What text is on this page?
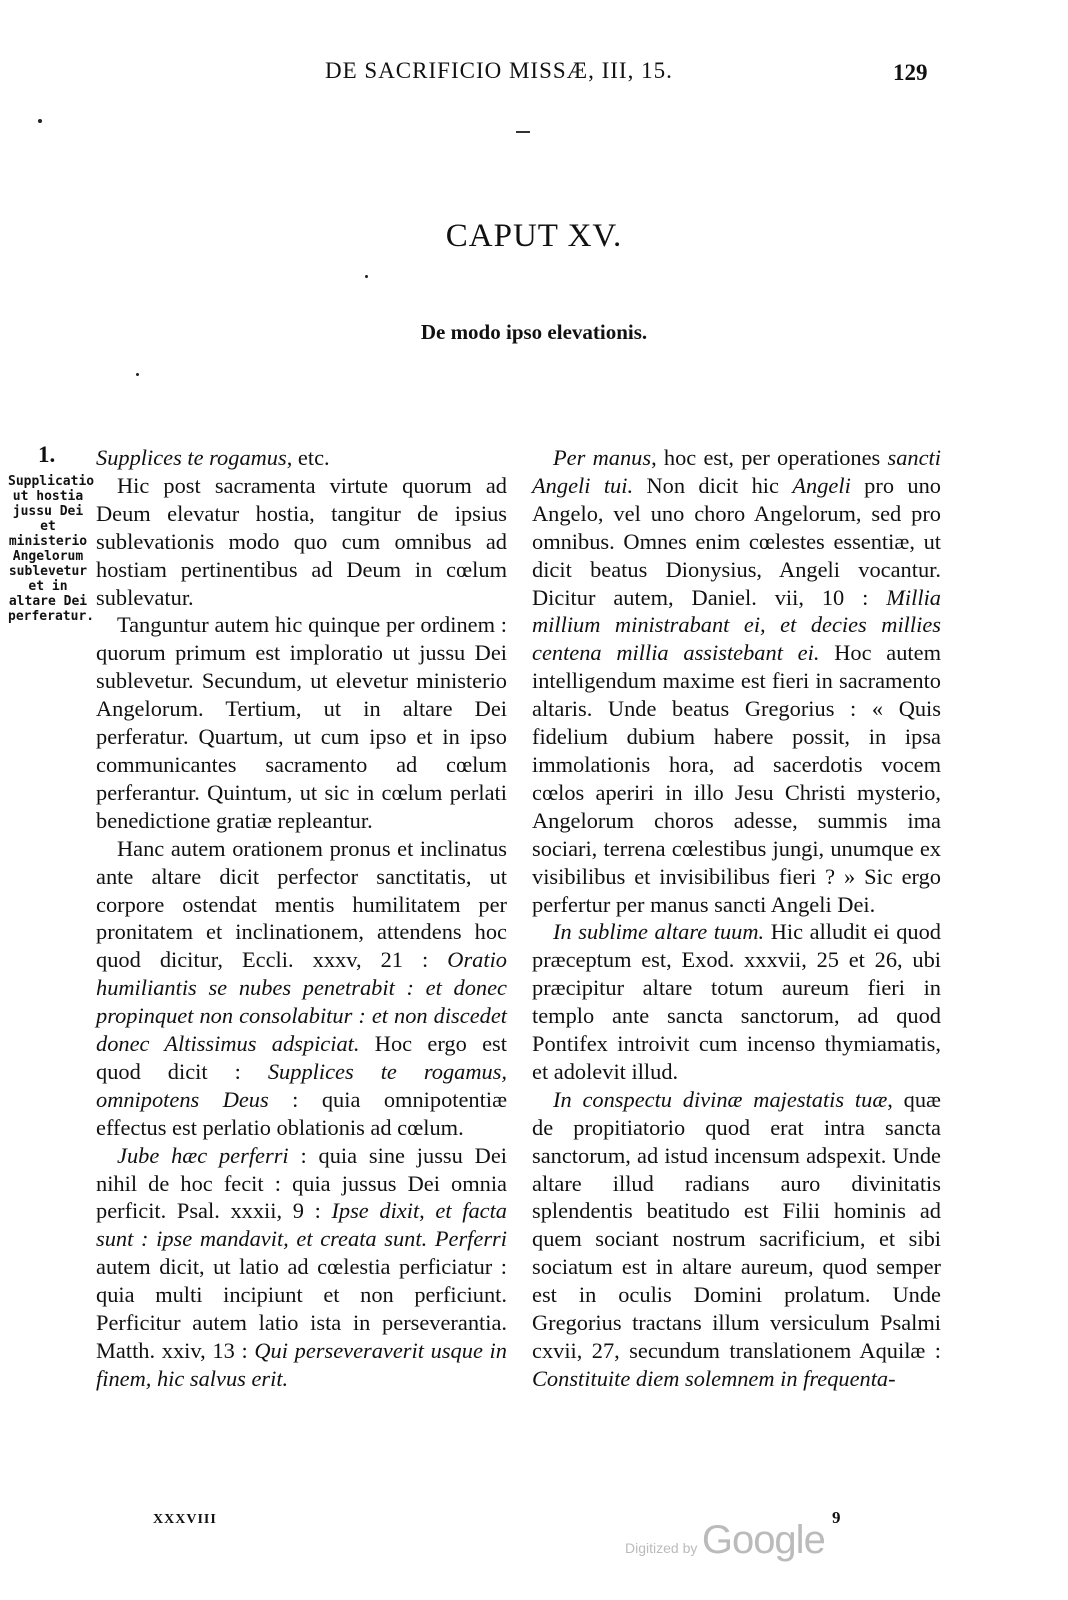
DE SACRIFICIO MISSÆ, III, 15.	129
CAPUT XV.
De modo ipso elevationis.
1.
Supplicatio ut hostia jussu Dei et ministerio Angelorum sublevetur et in altare Dei perferatur.

Supplices te rogamus, etc.

Hic post sacramenta virtute quorum ad Deum elevatur hostia, tangitur de ipsius sublevationis modo quo cum omnibus ad hostiam pertinentibus ad Deum in cœlum sublevatur.

Tanguntur autem hic quinque per ordinem : quorum primum est imploratio ut jussu Dei sublevetur. Secundum, ut elevetur ministerio Angelorum. Tertium, ut in altare Dei perferatur. Quartum, ut cum ipso et in ipso communicantes sacramento ad cœlum perferantur. Quintum, ut sic in cœlum perlati benedictione gratiæ repleantur.

Hanc autem orationem pronus et inclinatus ante altare dicit perfector sanctitatis, ut corpore ostendat mentis humilitatem per pronitatem et inclinationem, attendens hoc quod dicitur, Eccli. xxxv, 21 : Oratio humiliantis se nubes penetrabit : et donec propinquet non consolabitur : et non discedet donec Altissimus adspiciat. Hoc ergo est quod dicit : Supplices te rogamus, omnipotens Deus : quia omnipotentiæ effectus est perlatio oblationis ad cœlum.

Jube hæc perferri : quia sine jussu Dei nihil de hoc fecit : quia jussus Dei omnia perficit. Psal. xxxii, 9 : Ipse dixit, et facta sunt : ipse mandavit, et creata sunt. Perferri autem dicit, ut latio ad cœlestia perficiatur : quia multi incipiunt et non perficiunt. Perficitur autem latio ista in perseverantia. Matth. xxiv, 13 : Qui perseveraverit usque in finem, hic salvus erit.

Per manus, hoc est, per operationes sancti Angeli tui. Non dicit hic Angeli pro uno Angelo, vel uno choro Angelorum, sed pro omnibus. Omnes enim cœlestes essentiæ, ut dicit beatus Dionysius, Angeli vocantur. Dicitur autem, Daniel. vii, 10 : Millia millium ministrabant ei, et decies millies centena millia assistebant ei. Hoc autem intelligendum maxime est fieri in sacramento altaris. Unde beatus Gregorius : « Quis fidelium dubium habere possit, in ipsa immolationis hora, ad sacerdotis vocem cœlos aperiri in illo Jesu Christi mysterio, Angelorum choros adesse, summis ima sociari, terrena cœlestibus jungi, unumque ex visibilibus et invisibilibus fieri ? » Sic ergo perfertur per manus sancti Angeli Dei.

In sublime altare tuum. Hic alludit ei quod præceptum est, Exod. xxxvii, 25 et 26, ubi præcipitur altare totum aureum fieri in templo ante sancta sanctorum, ad quod Pontifex introivit cum incenso thymiamatis, et adolevit illud.

In conspectu divinæ majestatis tuæ, quæ de propitiatorio quod erat intra sancta sanctorum, ad istud incensum adspexit. Unde altare illud radians auro divinitatis splendentis beatitudo est Filii hominis ad quem sociant nostrum sacrificium, et sibi sociatum est in altare aureum, quod semper est in oculis Domini prolatum. Unde Gregorius tractans illum versiculum Psalmi cxvii, 27, secundum translationem Aquilæ : Constituite diem solemnem in frequenta-

XXXVIII	9
Digitized by Google
